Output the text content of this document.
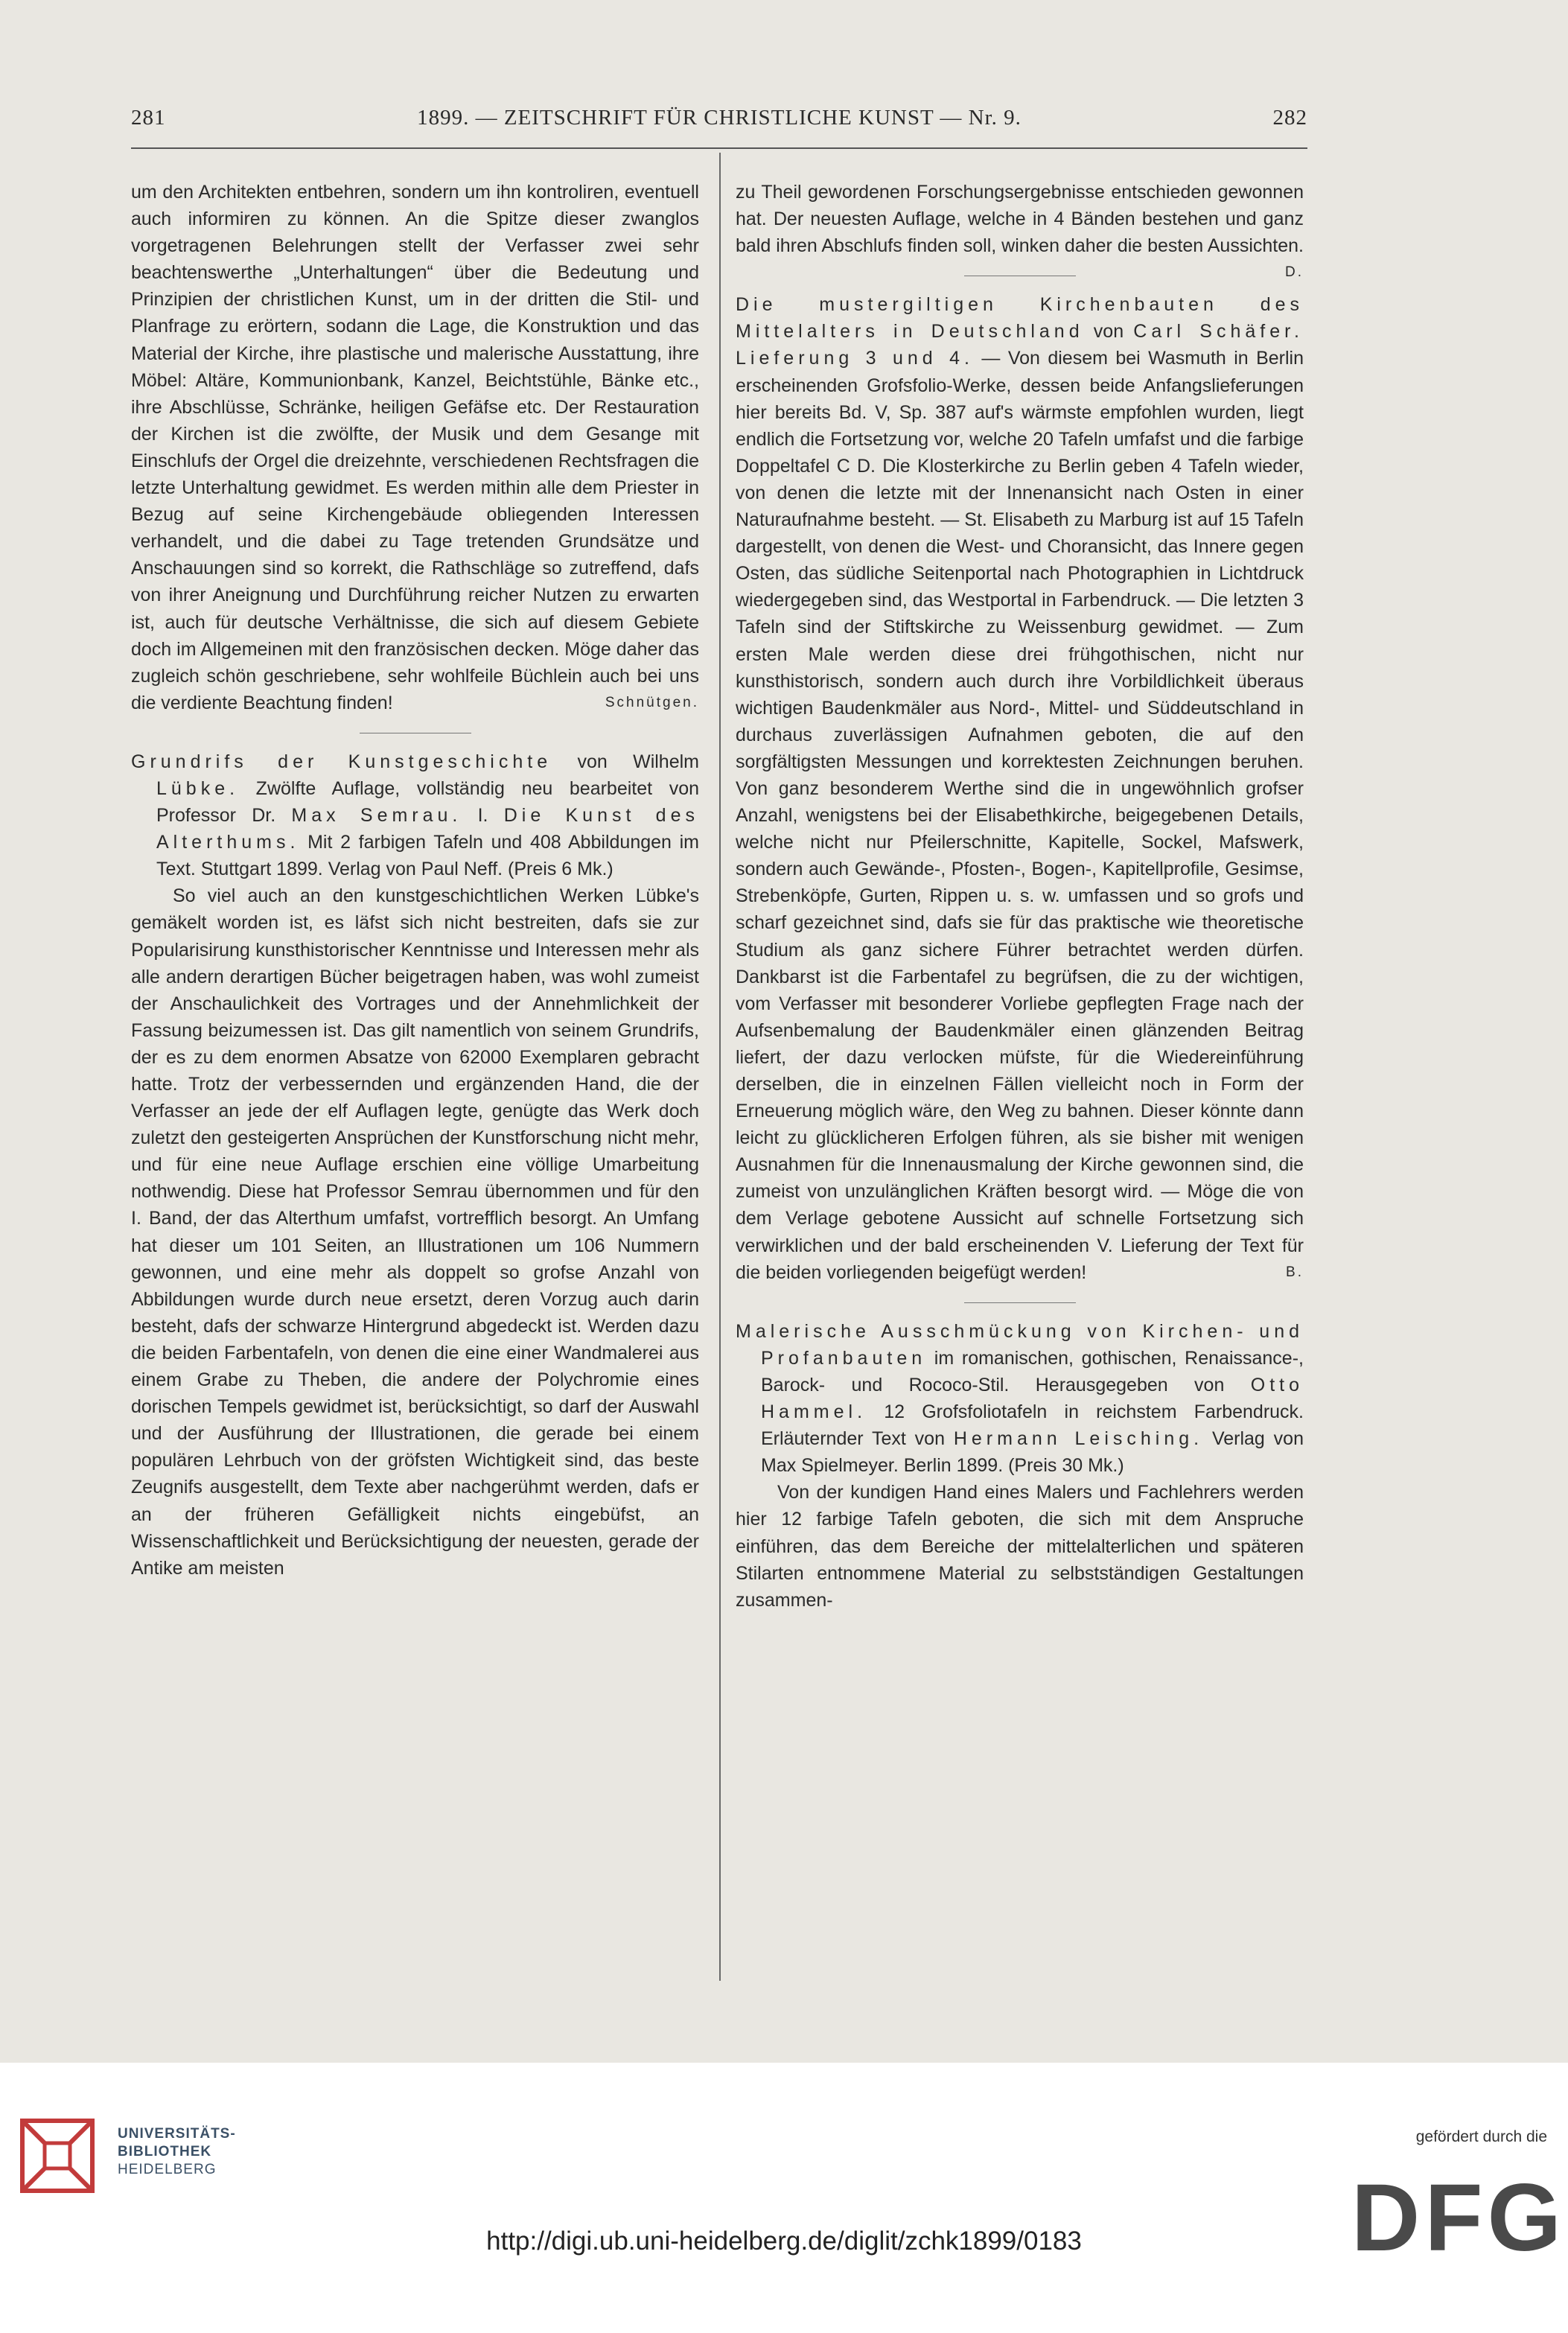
281	1899. — ZEITSCHRIFT FÜR CHRISTLICHE KUNST — Nr. 9.	282

um den Architekten entbehren, sondern um ihn kontroliren, eventuell auch informiren zu können. An die Spitze dieser zwanglos vorgetragenen Belehrungen stellt der Verfasser zwei sehr beachtenswerthe „Unterhaltungen“ über die Bedeutung und Prinzipien der christlichen Kunst, um in der dritten die Stil- und Planfrage zu erörtern, sodann die Lage, die Konstruktion und das Material der Kirche, ihre plastische und malerische Ausstattung, ihre Möbel: Altäre, Kommunionbank, Kanzel, Beichtstühle, Bänke etc., ihre Abschlüsse, Schränke, heiligen Gefäfse etc. Der Restauration der Kirchen ist die zwölfte, der Musik und dem Gesange mit Einschlufs der Orgel die dreizehnte, verschiedenen Rechtsfragen die letzte Unterhaltung gewidmet. Es werden mithin alle dem Priester in Bezug auf seine Kirchengebäude obliegenden Interessen verhandelt, und die dabei zu Tage tretenden Grundsätze und Anschauungen sind so korrekt, die Rathschläge so zutreffend, dafs von ihrer Aneignung und Durchführung reicher Nutzen zu erwarten ist, auch für deutsche Verhältnisse, die sich auf diesem Gebiete doch im Allgemeinen mit den französischen decken. Möge daher das zugleich schön geschriebene, sehr wohlfeile Büchlein auch bei uns die verdiente Beachtung finden!	Schnütgen.

Grundrifs der Kunstgeschichte von Wilhelm Lübke. Zwölfte Auflage, vollständig neu bearbeitet von Professor Dr. Max Semrau. I. Die Kunst des Alterthums. Mit 2 farbigen Tafeln und 408 Abbildungen im Text. Stuttgart 1899. Verlag von Paul Neff. (Preis 6 Mk.)

So viel auch an den kunstgeschichtlichen Werken Lübke's gemäkelt worden ist, es läfst sich nicht bestreiten, dafs sie zur Popularisirung kunsthistorischer Kenntnisse und Interessen mehr als alle andern derartigen Bücher beigetragen haben, was wohl zumeist der Anschaulichkeit des Vortrages und der Annehmlichkeit der Fassung beizumessen ist. Das gilt namentlich von seinem Grundrifs, der es zu dem enormen Absatze von 62000 Exemplaren gebracht hatte. Trotz der verbessernden und ergänzenden Hand, die der Verfasser an jede der elf Auflagen legte, genügte das Werk doch zuletzt den gesteigerten Ansprüchen der Kunstforschung nicht mehr, und für eine neue Auflage erschien eine völlige Umarbeitung nothwendig. Diese hat Professor Semrau übernommen und für den I. Band, der das Alterthum umfafst, vortrefflich besorgt. An Umfang hat dieser um 101 Seiten, an Illustrationen um 106 Nummern gewonnen, und eine mehr als doppelt so grofse Anzahl von Abbildungen wurde durch neue ersetzt, deren Vorzug auch darin besteht, dafs der schwarze Hintergrund abgedeckt ist. Werden dazu die beiden Farbentafeln, von denen die eine einer Wandmalerei aus einem Grabe zu Theben, die andere der Polychromie eines dorischen Tempels gewidmet ist, berücksichtigt, so darf der Auswahl und der Ausführung der Illustrationen, die gerade bei einem populären Lehrbuch von der gröfsten Wichtigkeit sind, das beste Zeugnifs ausgestellt, dem Texte aber nachgerühmt werden, dafs er an der früheren Gefälligkeit nichts eingebüfst, an Wissenschaftlichkeit und Berücksichtigung der neuesten, gerade der Antike am meisten

zu Theil gewordenen Forschungsergebnisse entschieden gewonnen hat. Der neuesten Auflage, welche in 4 Bänden bestehen und ganz bald ihren Abschlufs finden soll, winken daher die besten Aussichten.
D.

Die mustergiltigen Kirchenbauten des Mittelalters in Deutschland von Carl Schäfer. Lieferung 3 und 4. — Von diesem bei Wasmuth in Berlin erscheinenden Grofsfolio-Werke, dessen beide Anfangslieferungen hier bereits Bd. V, Sp. 387 auf's wärmste empfohlen wurden, liegt endlich die Fortsetzung vor, welche 20 Tafeln umfafst und die farbige Doppeltafel C D. Die Klosterkirche zu Berlin geben 4 Tafeln wieder, von denen die letzte mit der Innenansicht nach Osten in einer Naturaufnahme besteht. — St. Elisabeth zu Marburg ist auf 15 Tafeln dargestellt, von denen die West- und Choransicht, das Innere gegen Osten, das südliche Seitenportal nach Photographien in Lichtdruck wiedergegeben sind, das Westportal in Farbendruck. — Die letzten 3 Tafeln sind der Stiftskirche zu Weissenburg gewidmet. — Zum ersten Male werden diese drei frühgothischen, nicht nur kunsthistorisch, sondern auch durch ihre Vorbildlichkeit überaus wichtigen Baudenkmäler aus Nord-, Mittel- und Süddeutschland in durchaus zuverlässigen Aufnahmen geboten, die auf den sorgfältigsten Messungen und korrektesten Zeichnungen beruhen. Von ganz besonderem Werthe sind die in ungewöhnlich grofser Anzahl, wenigstens bei der Elisabethkirche, beigegebenen Details, welche nicht nur Pfeilerschnitte, Kapitelle, Sockel, Mafswerk, sondern auch Gewände-, Pfosten-, Bogen-, Kapitellprofile, Gesimse, Strebenköpfe, Gurten, Rippen u. s. w. umfassen und so grofs und scharf gezeichnet sind, dafs sie für das praktische wie theoretische Studium als ganz sichere Führer betrachtet werden dürfen. Dankbarst ist die Farbentafel zu begrüfsen, die zu der wichtigen, vom Verfasser mit besonderer Vorliebe gepflegten Frage nach der Aufsenbemalung der Baudenkmäler einen glänzenden Beitrag liefert, der dazu verlocken müfste, für die Wiedereinführung derselben, die in einzelnen Fällen vielleicht noch in Form der Erneuerung möglich wäre, den Weg zu bahnen. Dieser könnte dann leicht zu glücklicheren Erfolgen führen, als sie bisher mit wenigen Ausnahmen für die Innenausmalung der Kirche gewonnen sind, die zumeist von unzulänglichen Kräften besorgt wird. — Möge die von dem Verlage gebotene Aussicht auf schnelle Fortsetzung sich verwirklichen und der bald erscheinenden V. Lieferung der Text für die beiden vorliegenden beigefügt werden!	B.

Malerische Ausschmückung von Kirchen- und Profanbauten im romanischen, gothischen, Renaissance-, Barock- und Rococo-Stil. Herausgegeben von Otto Hammel. 12 Grofsfoliotafeln in reichstem Farbendruck. Erläuternder Text von Hermann Leisching. Verlag von Max Spielmeyer. Berlin 1899. (Preis 30 Mk.)

Von der kundigen Hand eines Malers und Fachlehrers werden hier 12 farbige Tafeln geboten, die sich mit dem Anspruche einführen, das dem Bereiche der mittelalterlichen und späteren Stilarten entnommene Material zu selbstständigen Gestaltungen zusammen-

UNIVERSITÄTS-
BIBLIOTHEK
HEIDELBERG
http://digi.ub.uni-heidelberg.de/diglit/zchk1899/0183
gefördert durch die
DFG
